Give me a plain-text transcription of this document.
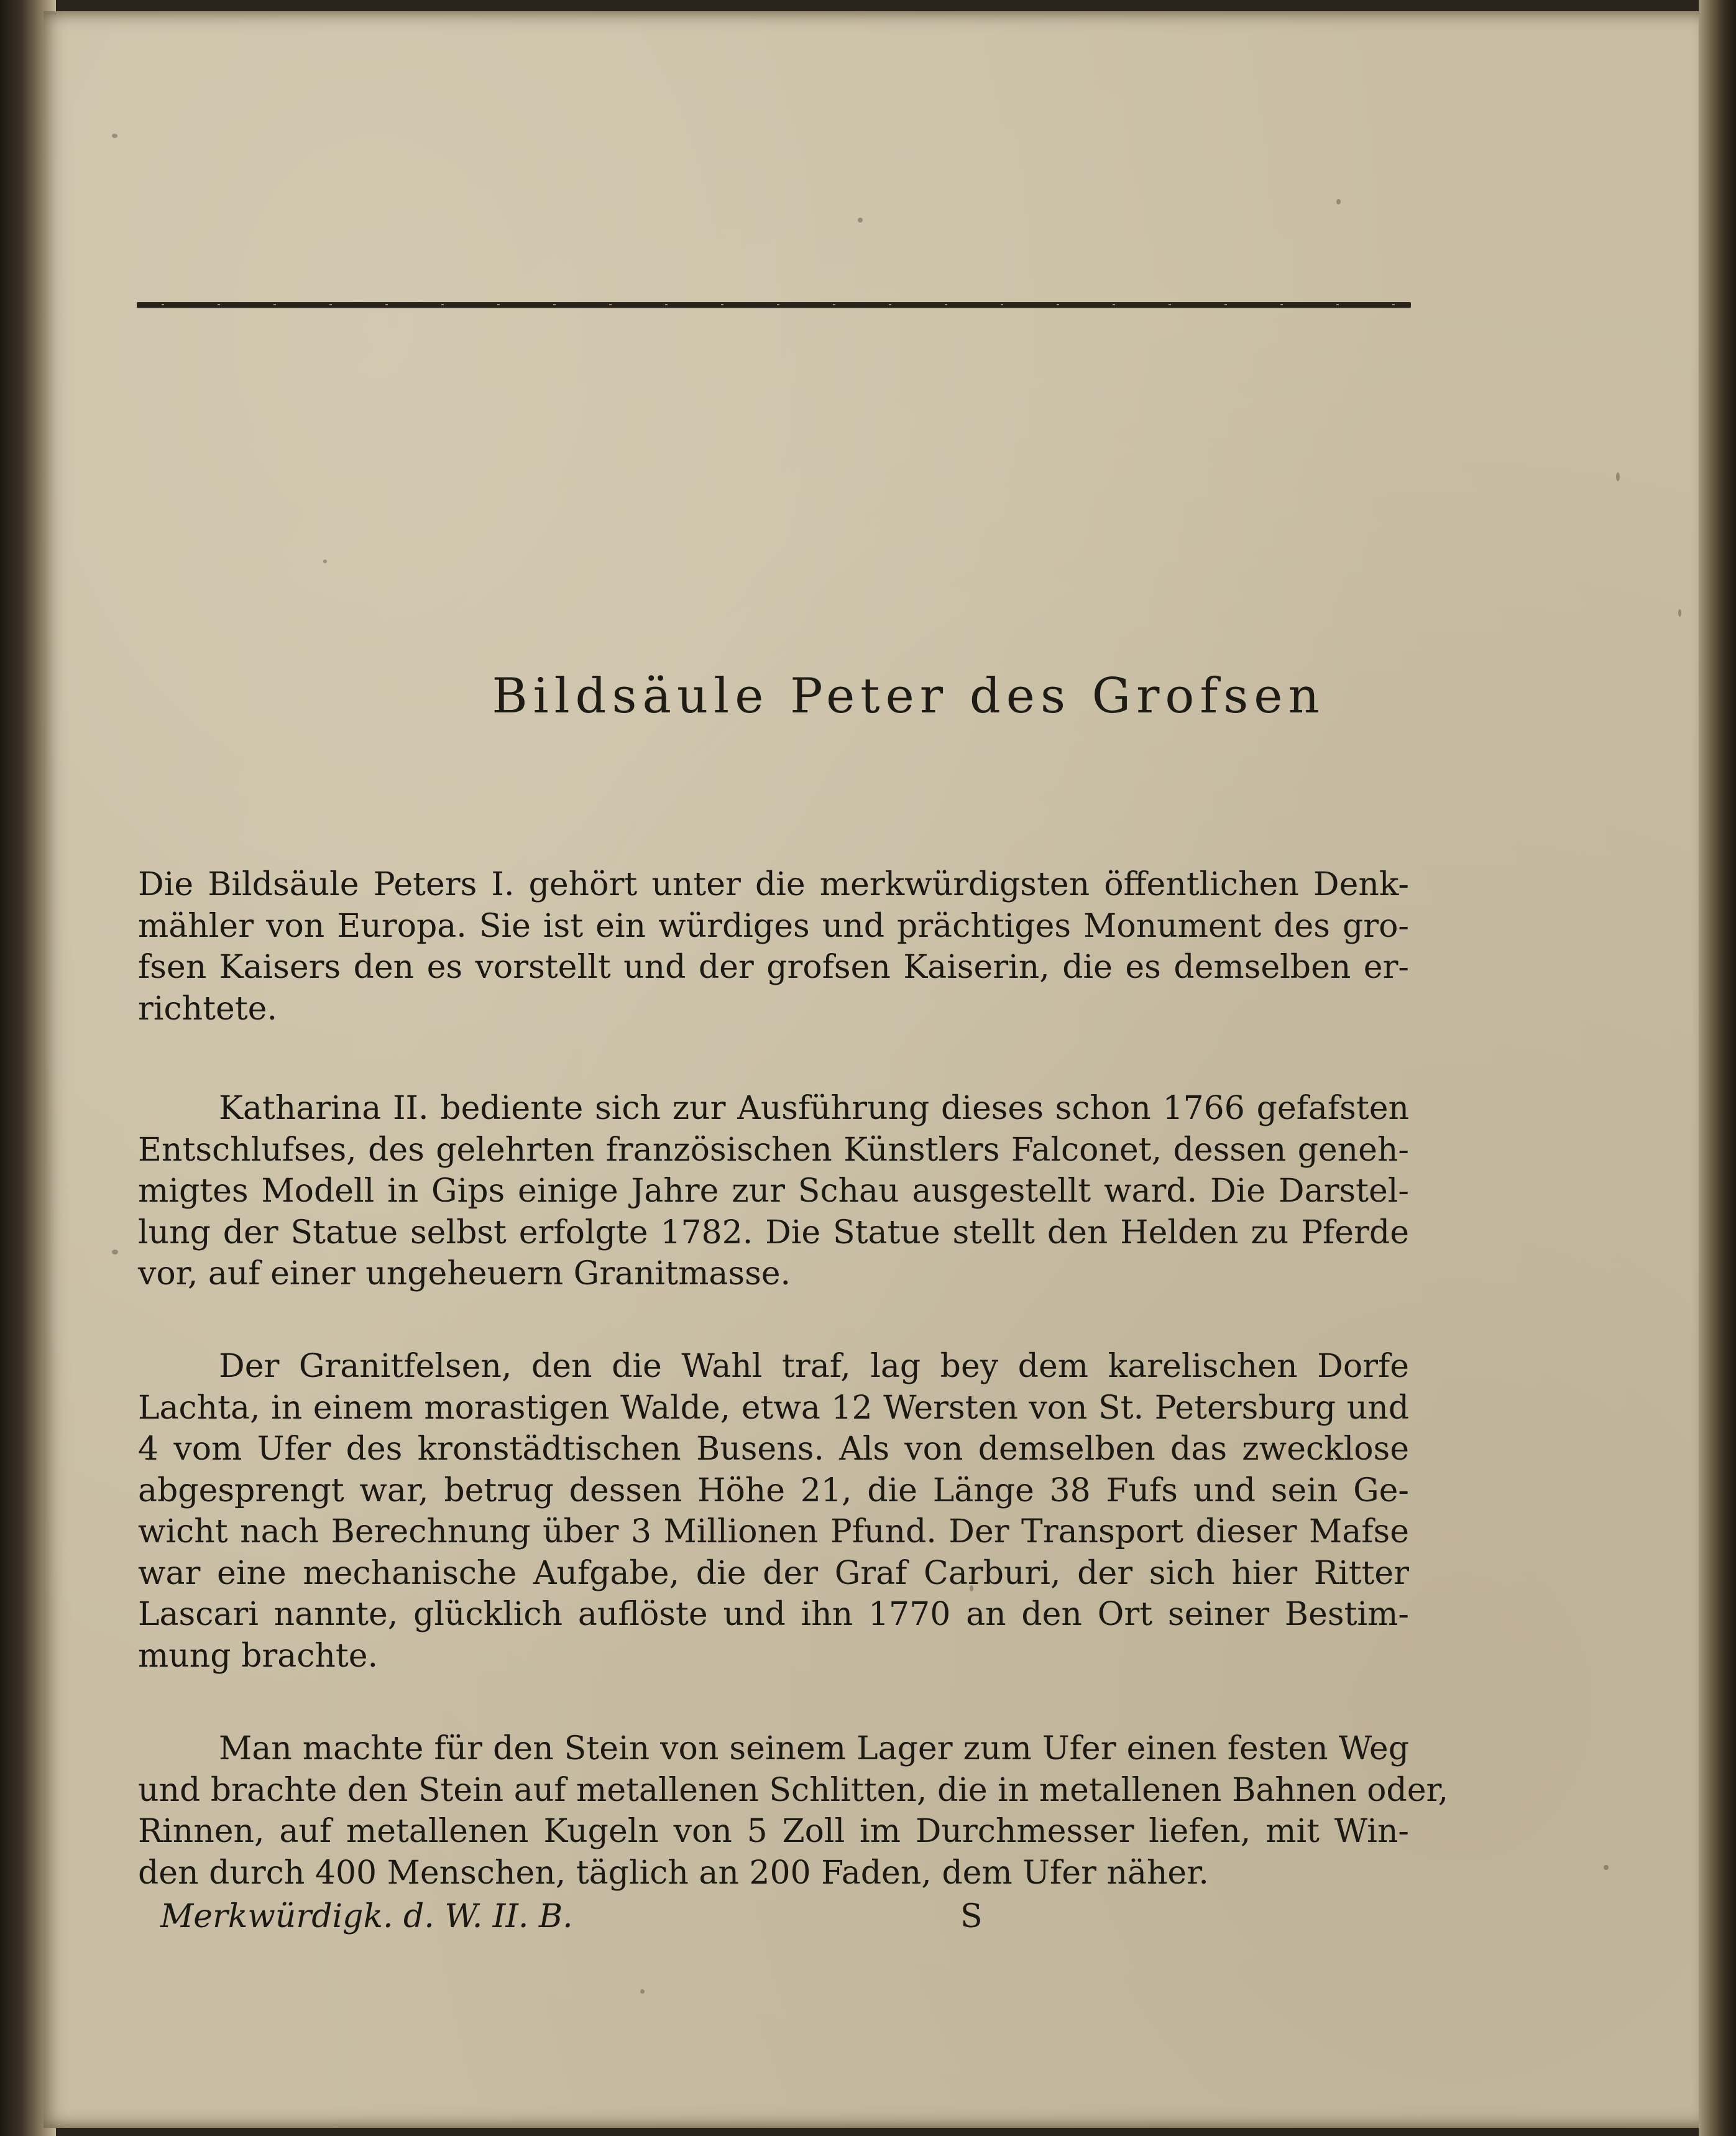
Bildsäule Peter des Grofsen
Die Bildsäule Peters I. gehört unter die merkwürdigsten öffentlichen Denk-
mähler von Europa. Sie ist ein würdiges und prächtiges Monument des gro-
fsen Kaisers den es vorstellt und der grofsen Kaiserin, die es demselben er-
richtete.
Katharina II. bediente sich zur Ausführung dieses schon 1766 gefafsten
Entschlufses, des gelehrten französischen Künstlers Falconet, dessen geneh-
migtes Modell in Gips einige Jahre zur Schau ausgestellt ward. Die Darstel-
lung der Statue selbst erfolgte 1782. Die Statue stellt den Helden zu Pferde
vor, auf einer ungeheuern Granitmasse.
Der Granitfelsen, den die Wahl traf, lag bey dem karelischen Dorfe
Lachta, in einem morastigen Walde, etwa 12 Wersten von St. Petersburg und
4 vom Ufer des kronstädtischen Busens. Als von demselben das zwecklose
abgesprengt war, betrug dessen Höhe 21, die Länge 38 Fufs und sein Ge-
wicht nach Berechnung über 3 Millionen Pfund. Der Transport dieser Mafse
war eine mechanische Aufgabe, die der Graf Carburi, der sich hier Ritter
Lascari nannte, glücklich auflöste und ihn 1770 an den Ort seiner Bestim-
mung brachte.
Man machte für den Stein von seinem Lager zum Ufer einen festen Weg
und brachte den Stein auf metallenen Schlitten, die in metallenen Bahnen oder,
Rinnen, auf metallenen Kugeln von 5 Zoll im Durchmesser liefen, mit Win-
den durch 400 Menschen, täglich an 200 Faden, dem Ufer näher.

Merkwürdigk. d. W. II. B.	S
